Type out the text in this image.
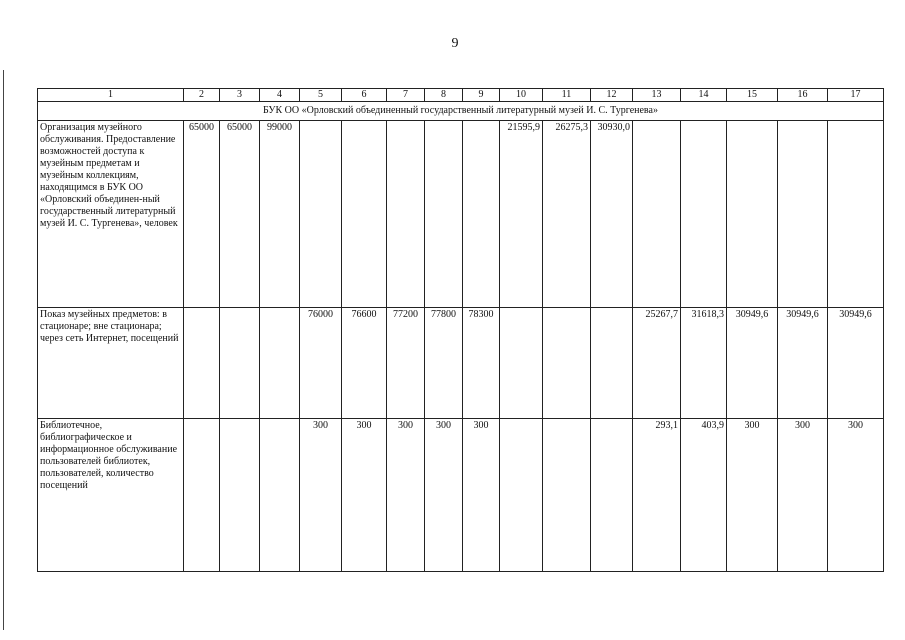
9
1	2	3	4	5	6	7	8	9	10	11	12	13	14	15	16	17
БУК ОО «Орловский объединенный государственный литературный музей И. С. Тургенева»																
Организация музейного обслуживания. Предоставление возможностей доступа к музейным предметам и музейным коллекциям, находящимся в БУК ОО «Орловский объединен-ный государственный литературный музей И. С. Тургенева», человек	65000	65000	99000						21595,9	26275,3	30930,0					
Показ музейных предметов: в стационаре; вне стационара; через сеть Интернет, посещений				76000	76600	77200	77800	78300				25267,7	31618,3	30949,6	30949,6	30949,6
Библиотечное, библиографическое и информационное обслуживание пользователей библиотек, пользователей, количество посещений				300	300	300	300	300				293,1	403,9	300	300	300
